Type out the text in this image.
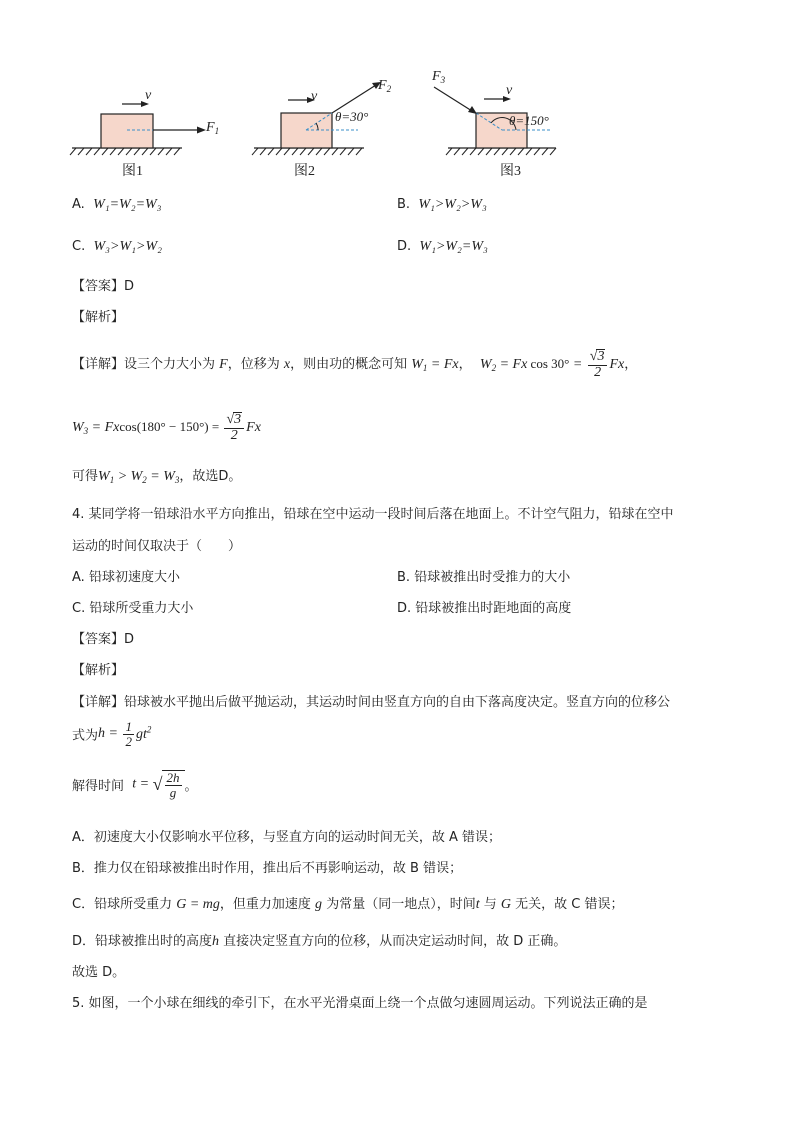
v
$F_1$
图1
v
$F_2$
θ=30°
图2
v
$F_3$
θ=150°
图3
A. W₁=W₂=W₃	B. W₁>W₂>W₃
C. W₃>W₁>W₂	D. W₁>W₂=W₃
【答案】D
【解析】
【详解】设三个力大小为 F，位移为 x，则由功的概念可知 $W_1 = Fx$，  $W_2 = Fx$ $\cos 30^\circ = \frac{√3}{2}$ Fx，
$W_3 = Fxcos(180^\circ - 150^\circ) = \frac{√3}{2}$ Fx
可得$W_1 > W_2 = W_3$，故选D。
4. 某同学将一铅球沿水平方向推出，铅球在空中运动一段时间后落在地面上。不计空气阻力，铅球在空中
运动的时间仅取决于（　　）
A. 铅球初速度大小	B. 铅球被推出时受推力的大小
C. 铅球所受重力大小	D. 铅球被推出时距地面的高度
【答案】D
【解析】
【详解】铅球被水平抛出后做平抛运动，其运动时间由竖直方向的自由下落高度决定。竖直方向的位移公
式为$h = \frac{1}{2} gt^2$
解得时间 t = √ $\frac{2h}{g}$ 。
A．初速度大小仅影响水平位移，与竖直方向的运动时间无关，故 A 错误；
B．推力仅在铅球被推出时作用，推出后不再影响运动，故 B 错误；
C．铅球所受重力 G = mg，但重力加速度 g 为常量（同一地点），时间t 与 G 无关，故 C 错误；
D．铅球被推出时的高度h 直接决定竖直方向的位移，从而决定运动时间，故 D 正确。
故选 D。
5. 如图，一个小球在细线的牵引下，在水平光滑桌面上绕一个点做匀速圆周运动。下列说法正确的是
